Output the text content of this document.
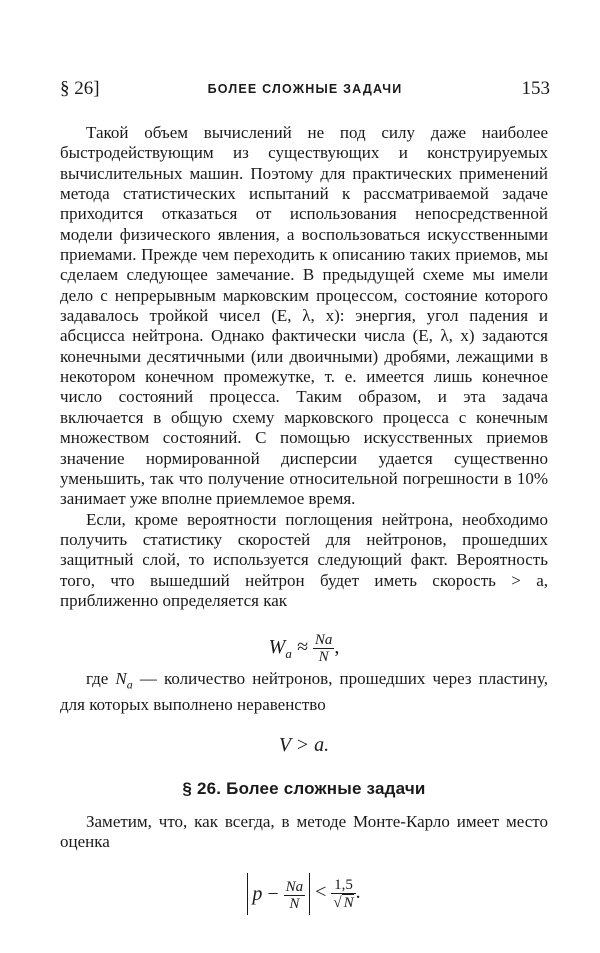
§ 26]	БОЛЕЕ СЛОЖНЫЕ ЗАДАЧИ	153

Такой объем вычислений не под силу даже наиболее быстродействующим из существующих и конструируемых вычислительных машин. Поэтому для практических применений метода статистических испытаний к рассматриваемой задаче приходится отказаться от использования непосредственной модели физического явления, а воспользоваться искусственными приемами. Прежде чем переходить к описанию таких приемов, мы сделаем следующее замечание. В предыдущей схеме мы имели дело с непрерывным марковским процессом, состояние которого задавалось тройкой чисел (E, λ, x): энергия, угол падения и абсцисса нейтрона. Однако фактически числа (E, λ, x) задаются конечными десятичными (или двоичными) дробями, лежащими в некотором конечном промежутке, т. е. имеется лишь конечное число состояний процесса. Таким образом, и эта задача включается в общую схему марковского процесса с конечным множеством состояний. С помощью искусственных приемов значение нормированной дисперсии удается существенно уменьшить, так что получение относительной погрешности в 10% занимает уже вполне приемлемое время.

Если, кроме вероятности поглощения нейтрона, необходимо получить статистику скоростей для нейтронов, прошедших защитный слой, то используется следующий факт. Вероятность того, что вышедший нейтрон будет иметь скорость > a, приближенно определяется как

$W_a \approx \frac{Na}{N}$ ,

где $N_a$ — количество нейтронов, прошедших через пластину, для которых выполнено неравенство

V > a.
§ 26. Более сложные задачи

Заметим, что, как всегда, в методе Монте-Карло имеет место оценка

$p - \frac{Na}{N} < \frac{1,5}{√ N}$ .
